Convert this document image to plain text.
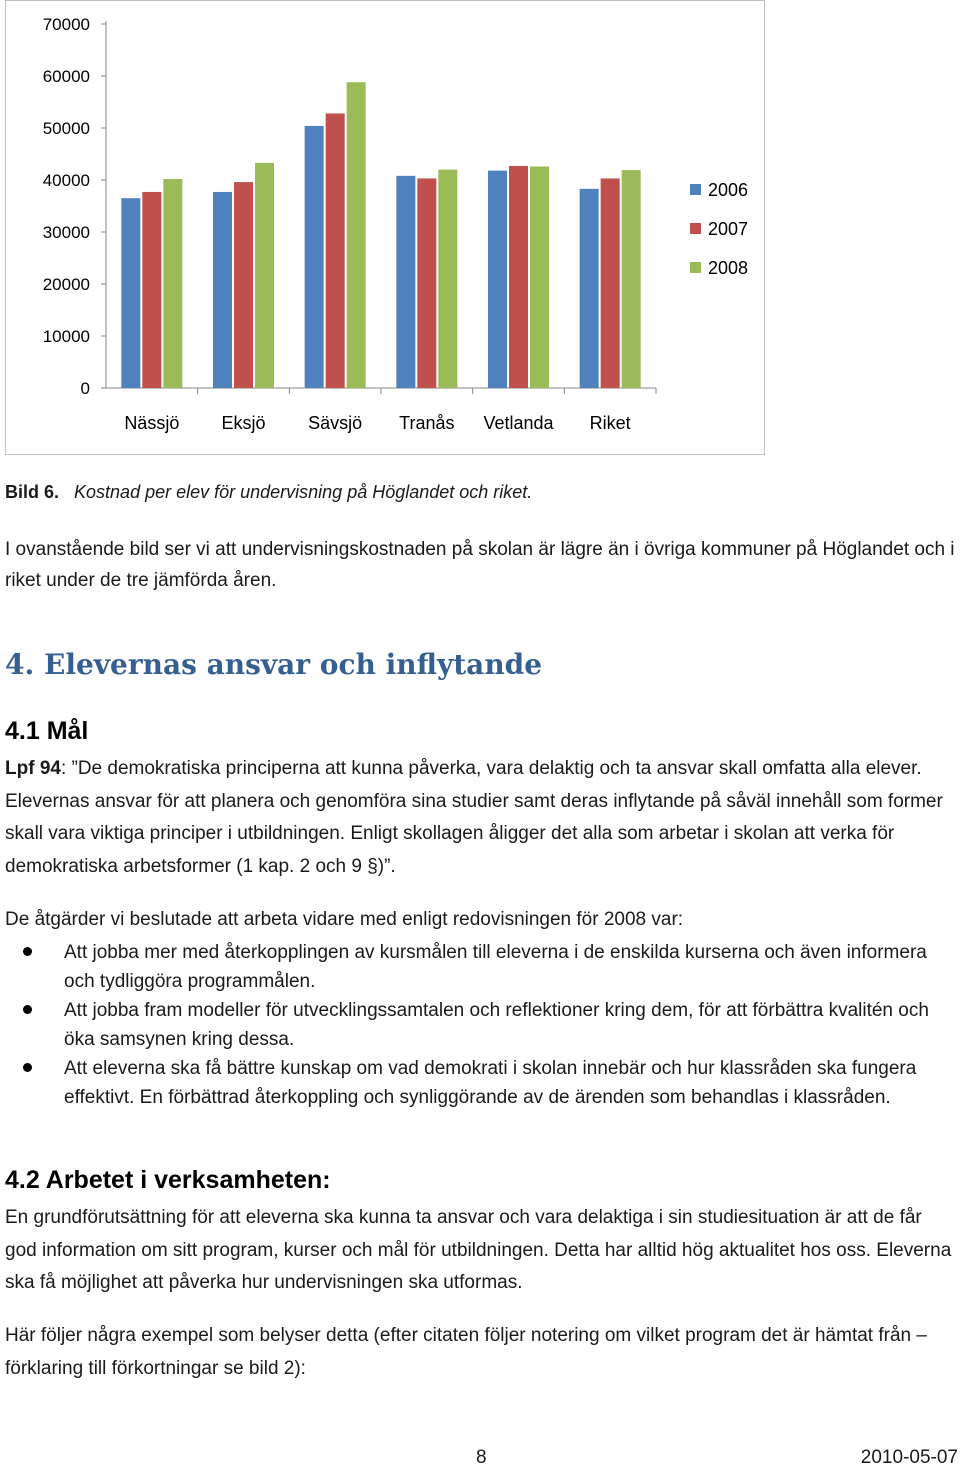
0
10000
20000
30000
40000
50000
60000
70000
Nässjö Eksjö Sävsjö Tranås Vetlanda Riket
2006
2007
2008
Bild 6. Kostnad per elev för undervisning på Höglandet och riket.
I ovanstående bild ser vi att undervisningskostnaden på skolan är lägre än i övriga kommuner på Höglandet och i riket under de tre jämförda åren.
4. Elevernas ansvar och inflytande
4.1 Mål
Lpf 94: ”De demokratiska principerna att kunna påverka, vara delaktig och ta ansvar skall omfatta alla elever. Elevernas ansvar för att planera och genomföra sina studier samt deras inflytande på såväl innehåll som former skall vara viktiga principer i utbildningen. Enligt skollagen åligger det alla som arbetar i skolan att verka för demokratiska arbetsformer (1 kap. 2 och 9 §)”.
De åtgärder vi beslutade att arbeta vidare med enligt redovisningen för 2008 var:
Att jobba mer med återkopplingen av kursmålen till eleverna i de enskilda kurserna och även informera och tydliggöra programmålen.
Att jobba fram modeller för utvecklingssamtalen och reflektioner kring dem, för att förbättra kvalitén och öka samsynen kring dessa.
Att eleverna ska få bättre kunskap om vad demokrati i skolan innebär och hur klassråden ska fungera effektivt. En förbättrad återkoppling och synliggörande av de ärenden som behandlas i klassråden.
4.2 Arbetet i verksamheten:
En grundförutsättning för att eleverna ska kunna ta ansvar och vara delaktiga i sin studiesituation är att de får god information om sitt program, kurser och mål för utbildningen. Detta har alltid hög aktualitet hos oss. Eleverna ska få möjlighet att påverka hur undervisningen ska utformas.
Här följer några exempel som belyser detta (efter citaten följer notering om vilket program det är hämtat från – förklaring till förkortningar se bild 2):
8	2010-05-07
